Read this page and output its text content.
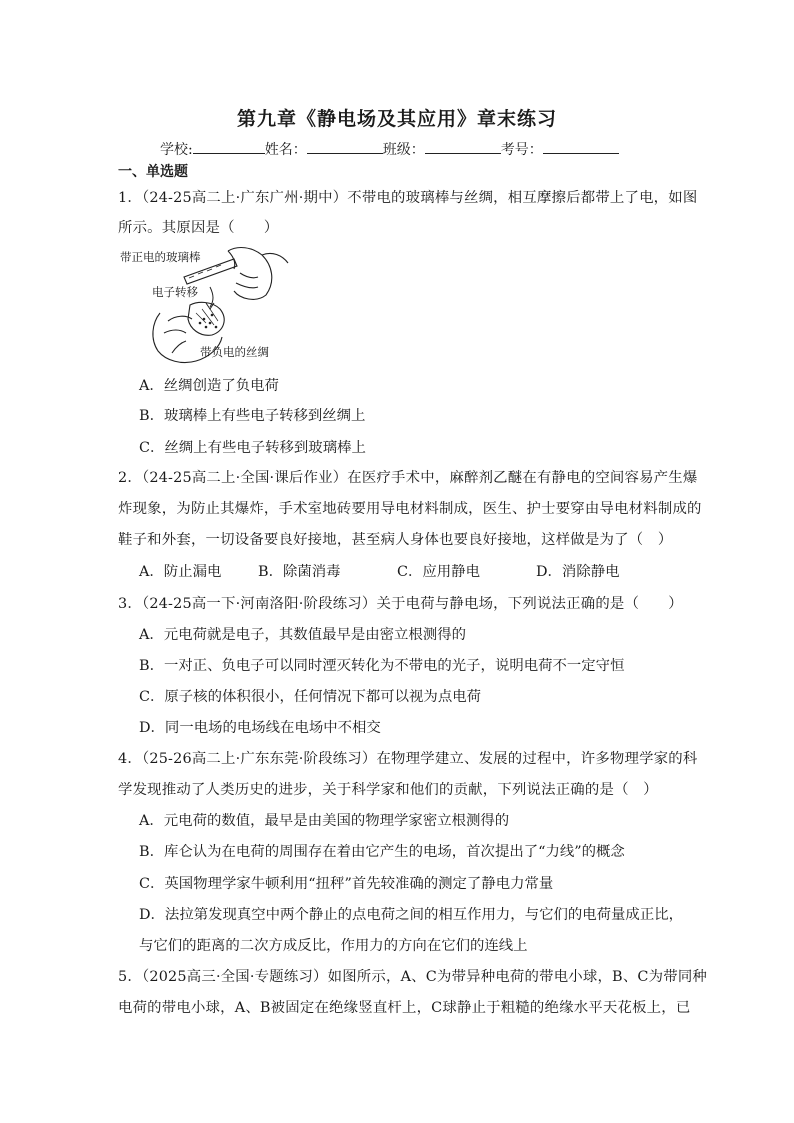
第九章《静电场及其应用》章末练习
学校:	姓名：	班级：	考号：
一、单选题
1．（24-25高二上·广东广州·期中）不带电的玻璃棒与丝绸，相互摩擦后都带上了电，如图
所示。其原因是（　　）
带正电的玻璃棒
电子转移
带负电的丝绸
A．丝绸创造了负电荷
B．玻璃棒上有些电子转移到丝绸上
C．丝绸上有些电子转移到玻璃棒上
2．（24-25高二上·全国·课后作业）在医疗手术中，麻醉剂乙醚在有静电的空间容易产生爆
炸现象，为防止其爆炸，手术室地砖要用导电材料制成，医生、护士要穿由导电材料制成的
鞋子和外套，一切设备要良好接地，甚至病人身体也要良好接地，这样做是为了（　）
A．防止漏电	B．除菌消毒	C．应用静电	D．消除静电
3．（24-25高一下·河南洛阳·阶段练习）关于电荷与静电场，下列说法正确的是（　　）
A．元电荷就是电子，其数值最早是由密立根测得的
B．一对正、负电子可以同时湮灭转化为不带电的光子，说明电荷不一定守恒
C．原子核的体积很小，任何情况下都可以视为点电荷
D．同一电场的电场线在电场中不相交
4．（25-26高二上·广东东莞·阶段练习）在物理学建立、发展的过程中，许多物理学家的科
学发现推动了人类历史的进步，关于科学家和他们的贡献，下列说法正确的是（　）
A．元电荷的数值，最早是由美国的物理学家密立根测得的
B．库仑认为在电荷的周围存在着由它产生的电场，首次提出了“力线”的概念
C．英国物理学家牛顿利用“扭秤”首先较准确的测定了静电力常量
D．法拉第发现真空中两个静止的点电荷之间的相互作用力，与它们的电荷量成正比，
与它们的距离的二次方成反比，作用力的方向在它们的连线上
5．（2025高三·全国·专题练习）如图所示，A、C为带异种电荷的带电小球，B、C为带同种
电荷的带电小球，A、B被固定在绝缘竖直杆上，C球静止于粗糙的绝缘水平天花板上，已
